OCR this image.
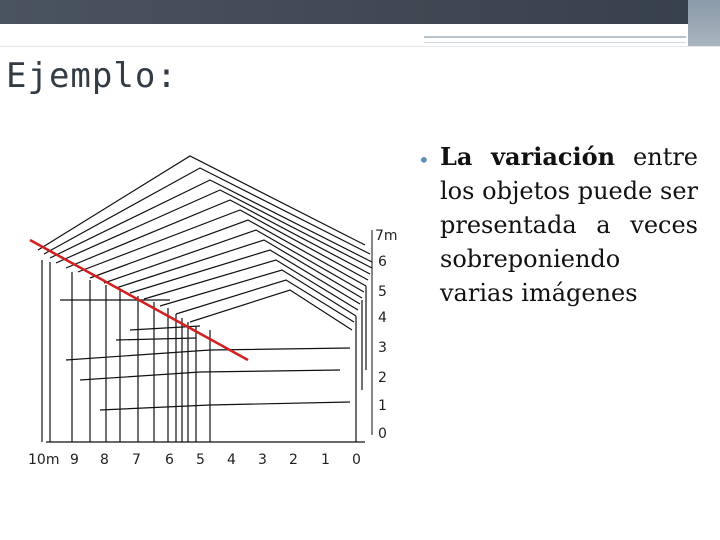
Ejemplo:
7m
6
5
4
3
2
1
0
10m 9 8 7 6 5 4 3 2 1 0
• La variación entre los objetos puede ser presentada a veces sobreponiendo varias imágenes
